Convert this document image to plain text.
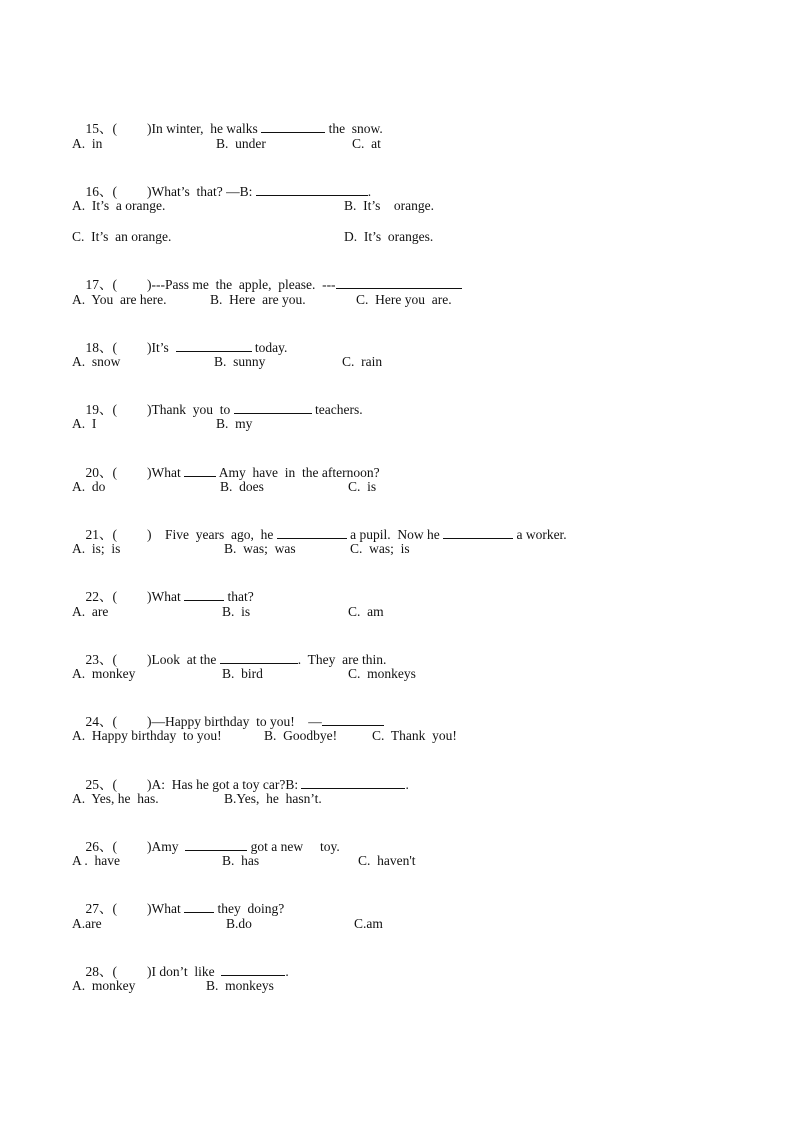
15、( )In winter,  he walks	the  snow.

A.  in

	B.  under

	C.  at

16、( )What’s  that? —B:	.

A.  It’s  a orange.

	B.  It’s    orange.

C.  It’s  an orange.

	D.  It’s  oranges.

17、( )---Pass me  the  apple,  please.  ---

A.  You  are here.

	B.  Here  are you.

	C.  Here you  are.

18、( )It’s	today.

A.  snow

	B.  sunny

	C.  rain

19、( )Thank  you  to	teachers.

A.  I

	B.  my

20、( )What  Amy  have  in  the afternoon?

A.  do

	B.  does

	C.  is

21、( )    Five  years  ago,  he	a pupil.  Now he	a worker.

A.  is;  is

	B.  was;  was

	C.  was;  is

22、( )What	that?

A.  are

	B.  is

	C.  am

23、( )Look  at the	.  They  are thin.

A.  monkey

	B.  bird

	C.  monkeys

24、( )—Happy birthday  to you!    —

A.  Happy birthday  to you!

	B.  Goodbye!

	C.  Thank  you!

25、( )A:  Has he got a toy car?B:	.

A.  Yes, he  has.

	B.Yes,  he  hasn’t.

26、( )Amy	got a new     toy.

A .  have

	B.  has

	C.  haven't

27、( )What  they  doing?

A.are

	B.do

	C.am

28、( )I don’t  like	.

A.  monkey

	B.  monkeys
